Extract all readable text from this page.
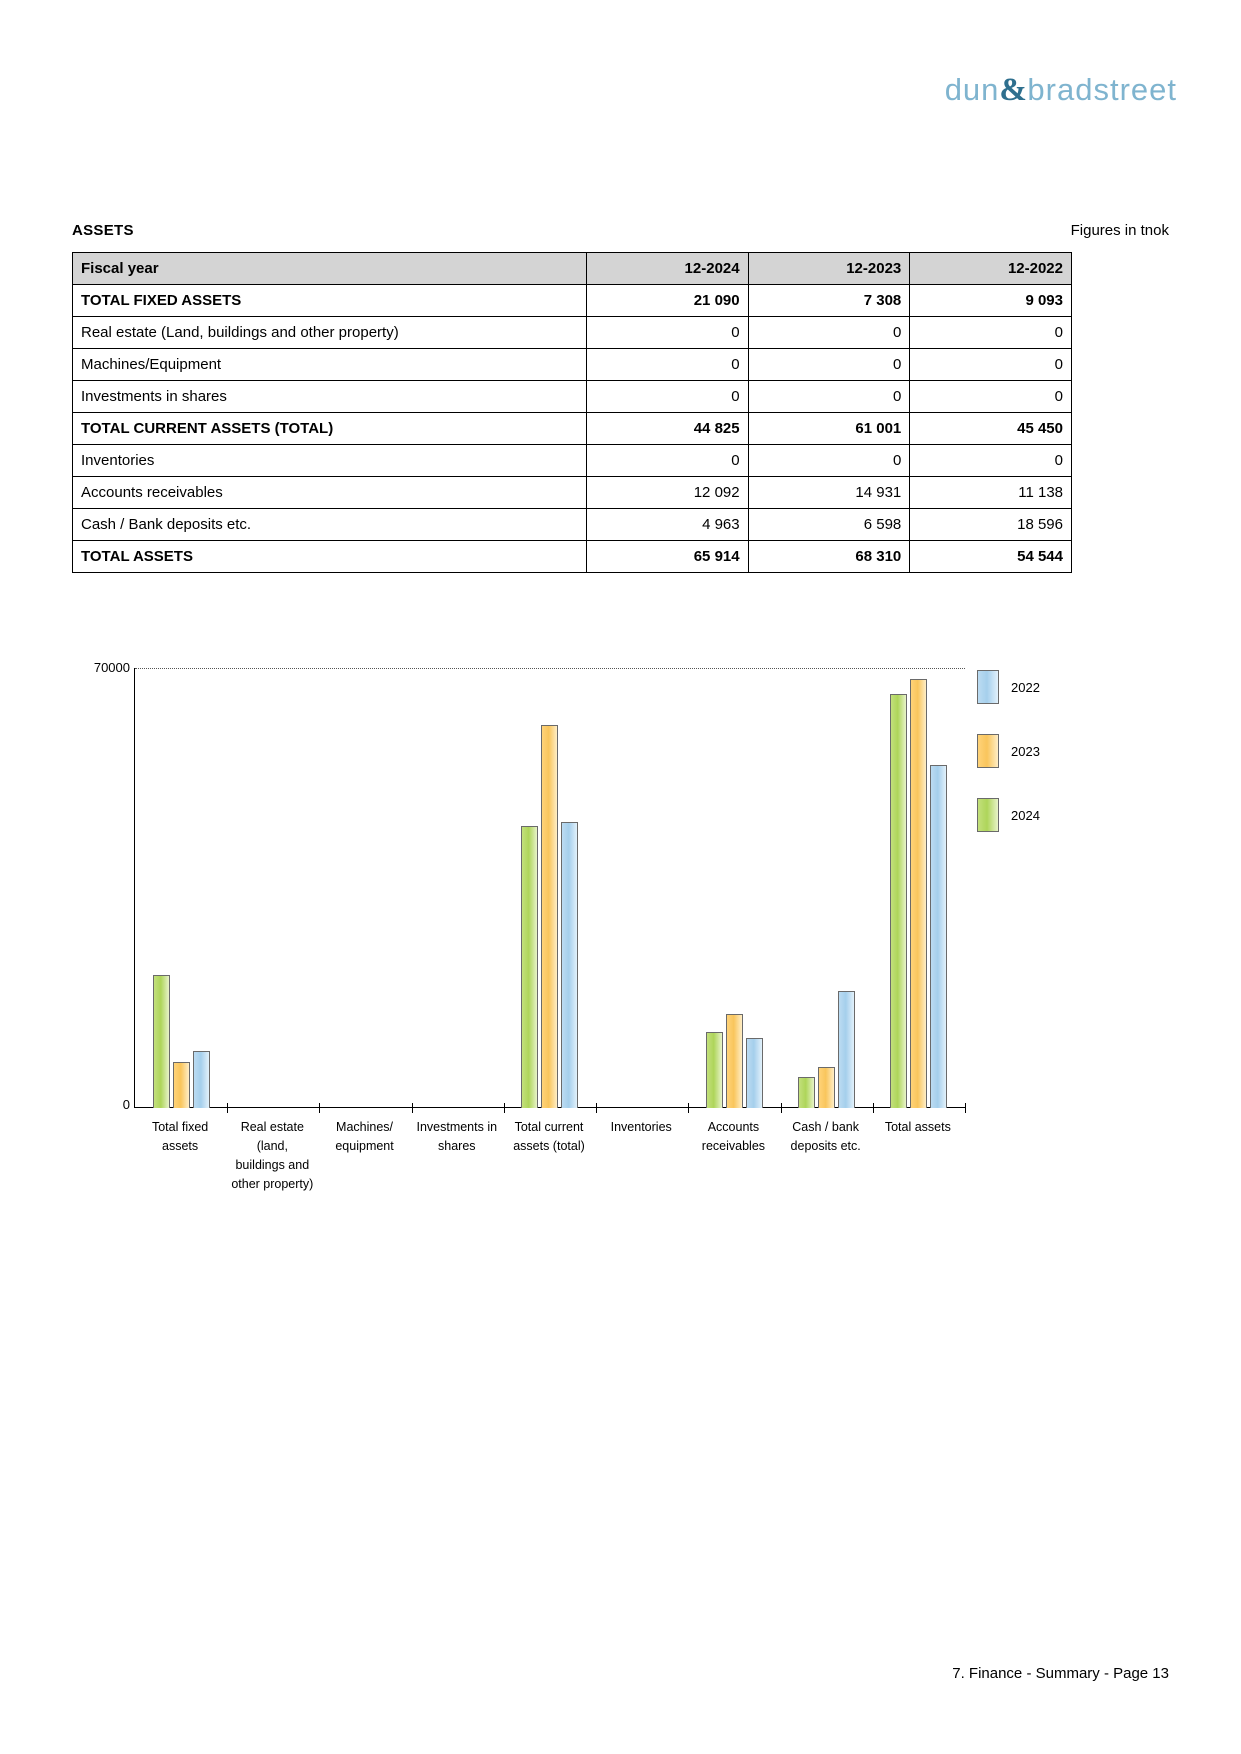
dun&bradstreet
ASSETS	Figures in tnok
Fiscal year	12-2024	12-2023	12-2022
TOTAL FIXED ASSETS	21 090	7 308	9 093
Real estate (Land, buildings and other property)	0	0	0
Machines/Equipment	0	0	0
Investments in shares	0	0	0
TOTAL CURRENT ASSETS (TOTAL)	44 825	61 001	45 450
Inventories	0	0	0
Accounts receivables	12 092	14 931	11 138
Cash / Bank deposits etc.	4 963	6 598	18 596
TOTAL ASSETS	65 914	68 310	54 544
70000
0
Total fixed
assets
Real estate
(land,
buildings and
other property)
Machines/
equipment
Investments in
shares
Total current
assets (total)
Inventories	Accounts
receivables
Cash / bank
deposits etc.
Total assets
2022
2023
2024
7. Finance - Summary - Page 13
